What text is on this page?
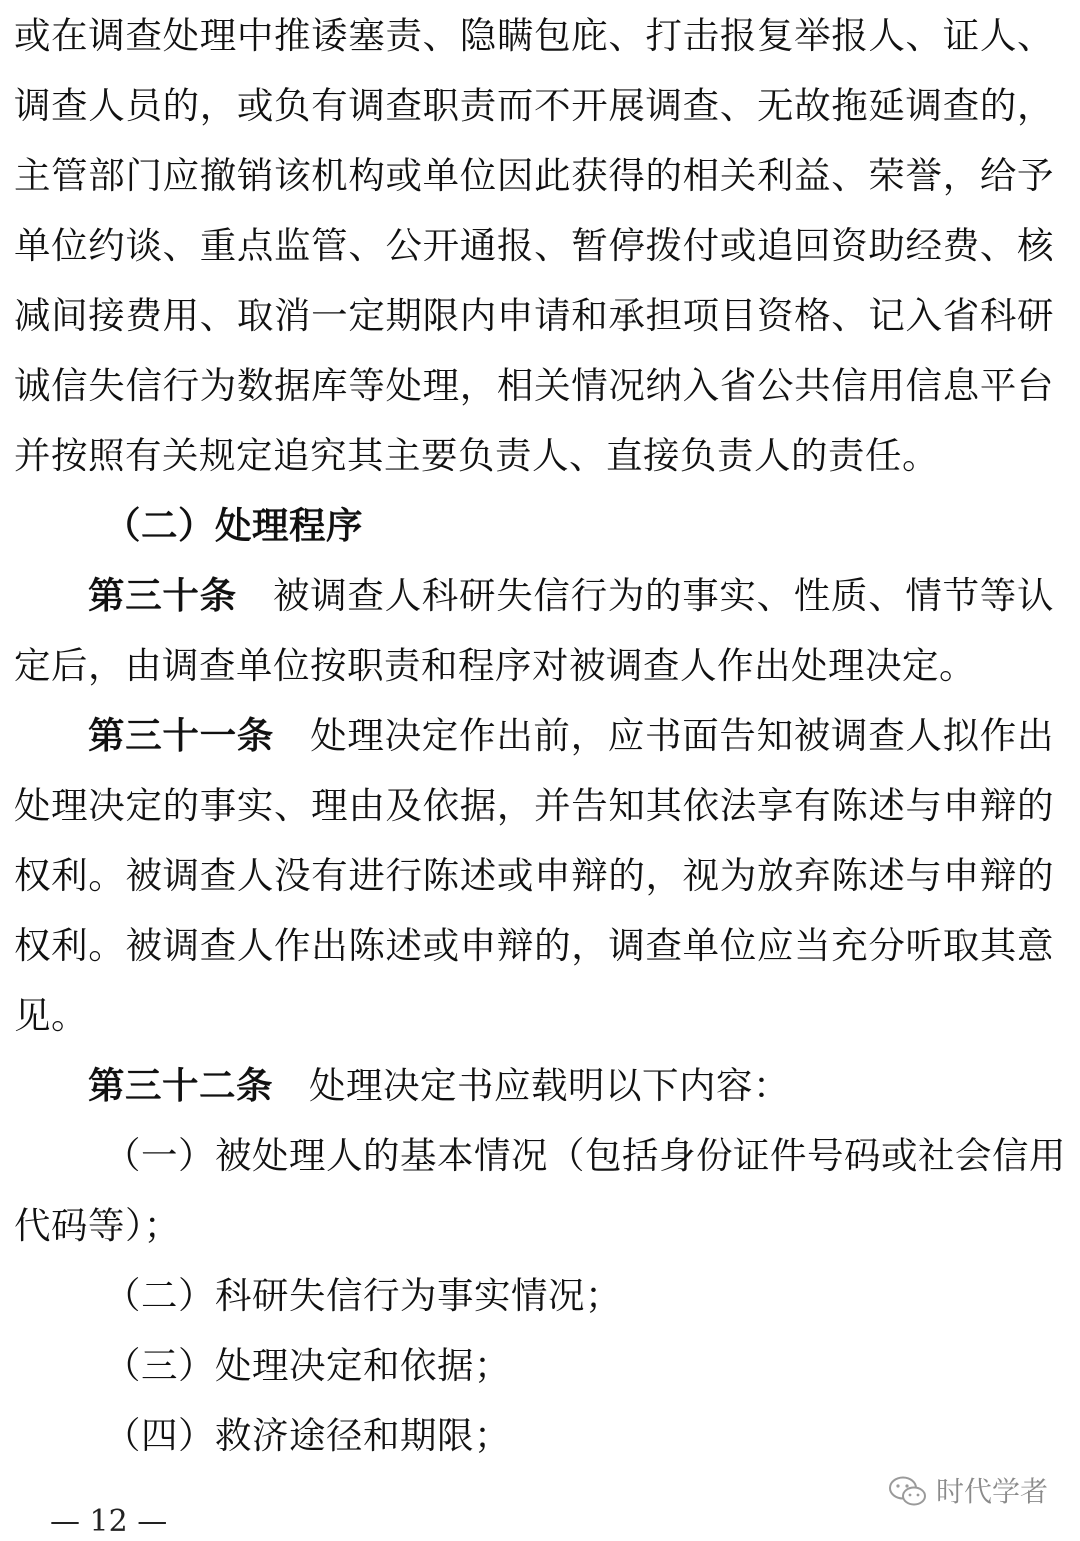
或在调查处理中推诿塞责、隐瞒包庇、打击报复举报人、证人、
调查人员的，或负有调查职责而不开展调查、无故拖延调查的，
主管部门应撤销该机构或单位因此获得的相关利益、荣誉，给予
单位约谈、重点监管、公开通报、暂停拨付或追回资助经费、核
减间接费用、取消一定期限内申请和承担项目资格、记入省科研
诚信失信行为数据库等处理，相关情况纳入省公共信用信息平台
并按照有关规定追究其主要负责人、直接负责人的责任。
（二）处理程序
第三十条 被调查人科研失信行为的事实、性质、情节等认
定后，由调查单位按职责和程序对被调查人作出处理决定。
第三十一条 处理决定作出前，应书面告知被调查人拟作出
处理决定的事实、理由及依据，并告知其依法享有陈述与申辩的
权利。被调查人没有进行陈述或申辩的，视为放弃陈述与申辩的
权利。被调查人作出陈述或申辩的，调查单位应当充分听取其意
见。
第三十二条 处理决定书应载明以下内容：
（一）被处理人的基本情况（包括身份证件号码或社会信用
代码等）；
（二）科研失信行为事实情况；
（三）处理决定和依据；
（四）救济途径和期限；
时代学者
— 12 —
